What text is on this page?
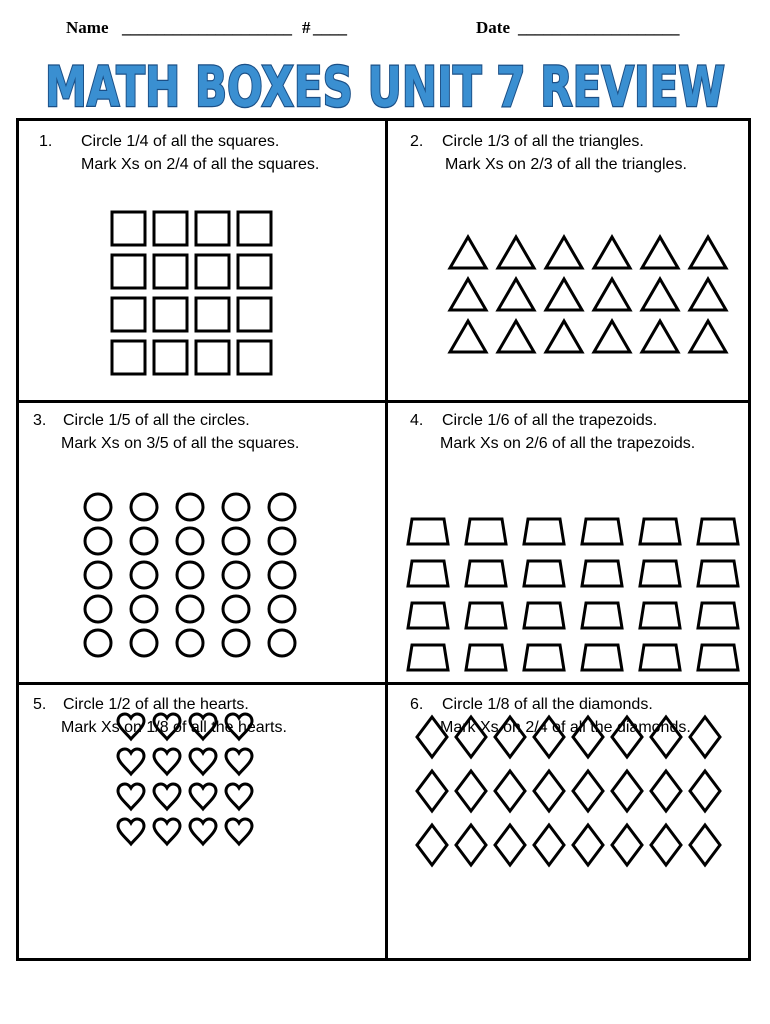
Name ____________________ # ____	Date ___________________
MATH BOXES UNIT 7 REVIEW
1. Circle 1/4 of all the squares.
Mark Xs on 2/4 of all the squares.
2. Circle 1/3 of all the triangles.
Mark Xs on 2/3 of all the triangles.
3. Circle 1/5 of all the circles.
Mark Xs on 3/5 of all the squares.
4. Circle 1/6 of all the trapezoids.
Mark Xs on 2/6 of all the trapezoids.
5. Circle 1/2 of all the hearts.
Mark Xs on 1/8 of all the hearts.
6. Circle 1/8 of all the diamonds.
Mark Xs on 2/4 of all the diamonds.
